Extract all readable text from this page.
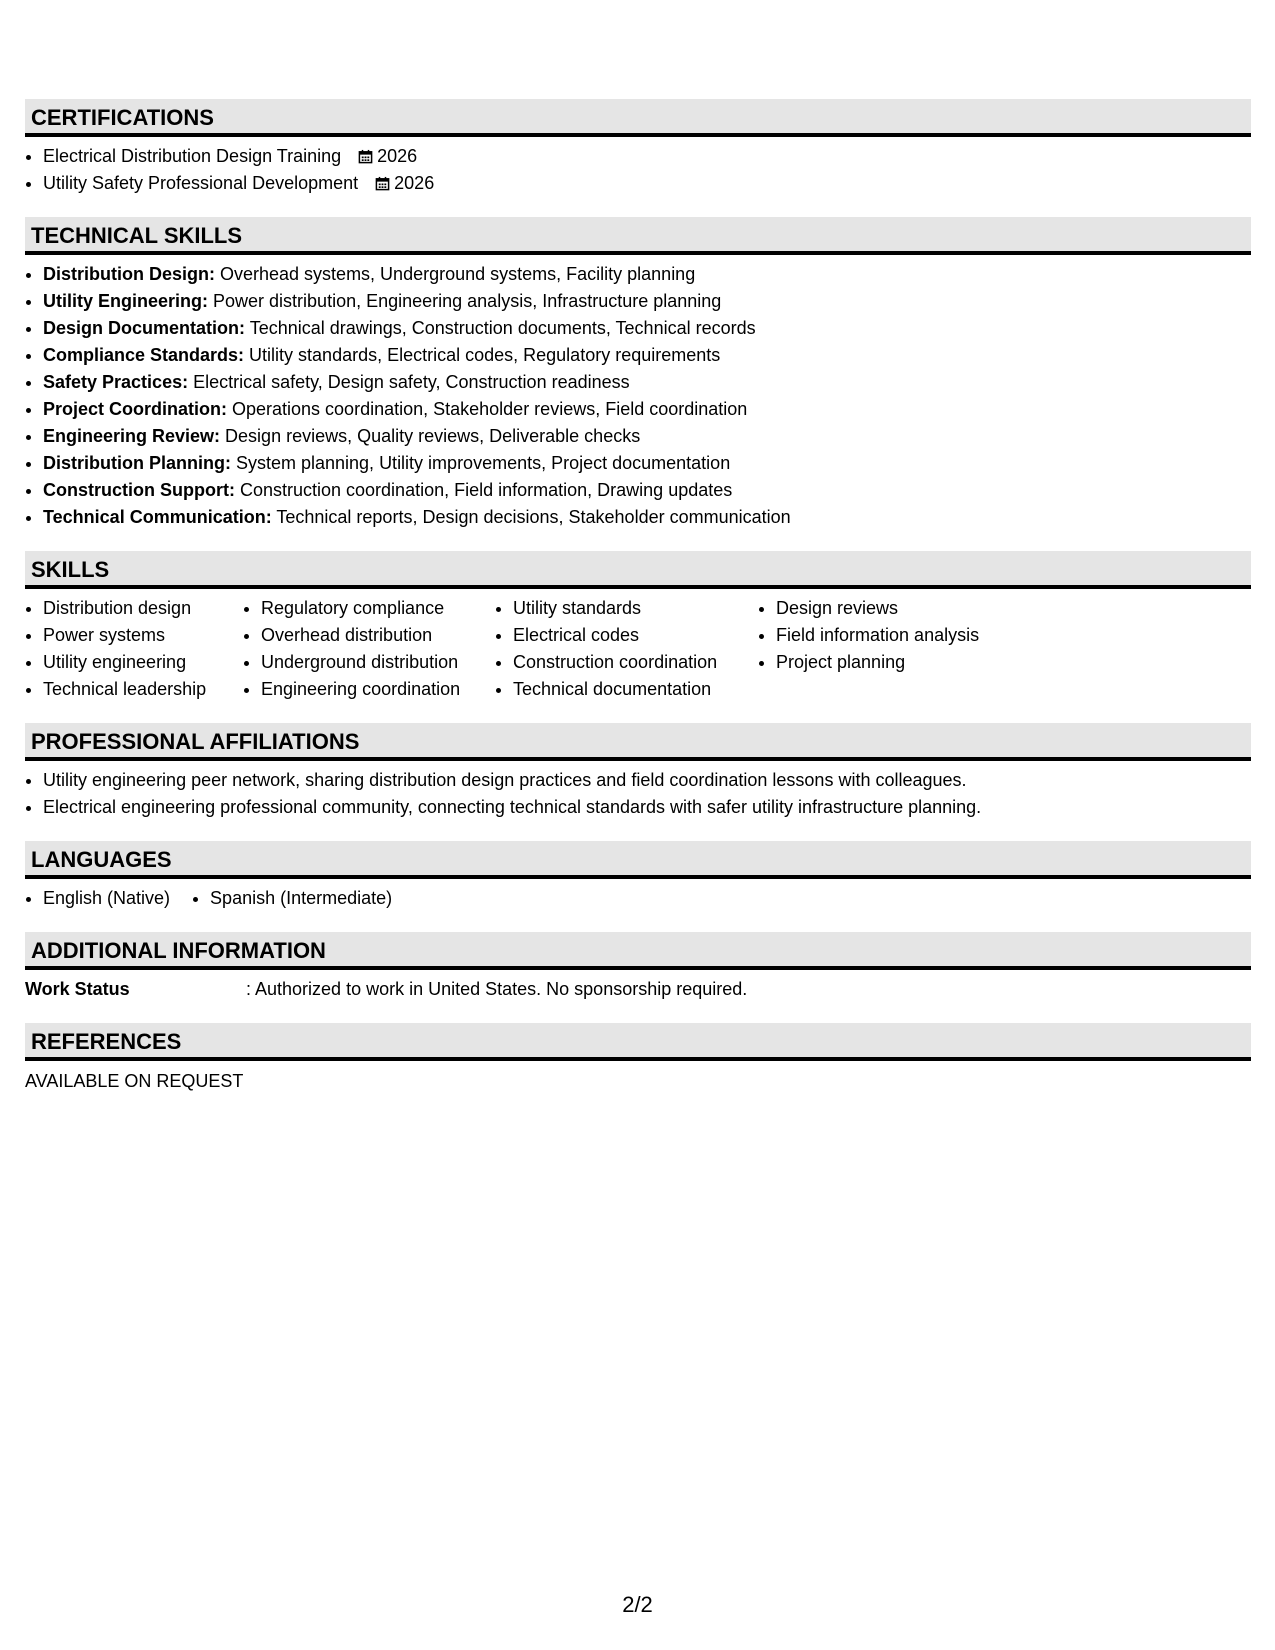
CERTIFICATIONS
• Electrical Distribution Design Training 2026
• Utility Safety Professional Development 2026
TECHNICAL SKILLS
• Distribution Design: Overhead systems, Underground systems, Facility planning
• Utility Engineering: Power distribution, Engineering analysis, Infrastructure planning
• Design Documentation: Technical drawings, Construction documents, Technical records
• Compliance Standards: Utility standards, Electrical codes, Regulatory requirements
• Safety Practices: Electrical safety, Design safety, Construction readiness
• Project Coordination: Operations coordination, Stakeholder reviews, Field coordination
• Engineering Review: Design reviews, Quality reviews, Deliverable checks
• Distribution Planning: System planning, Utility improvements, Project documentation
• Construction Support: Construction coordination, Field information, Drawing updates
• Technical Communication: Technical reports, Design decisions, Stakeholder communication
SKILLS
• Distribution design
• Power systems
• Utility engineering
• Technical leadership
• Regulatory compliance
• Overhead distribution
• Underground distribution
• Engineering coordination
• Utility standards
• Electrical codes
• Construction coordination
• Technical documentation
• Design reviews
• Field information analysis
• Project planning
PROFESSIONAL AFFILIATIONS
• Utility engineering peer network, sharing distribution design practices and field coordination lessons with colleagues.
• Electrical engineering professional community, connecting technical standards with safer utility infrastructure planning.
LANGUAGES
• English (Native)
• Spanish (Intermediate)
ADDITIONAL INFORMATION
Work Status	: Authorized to work in United States. No sponsorship required.
REFERENCES
AVAILABLE ON REQUEST
2/2
